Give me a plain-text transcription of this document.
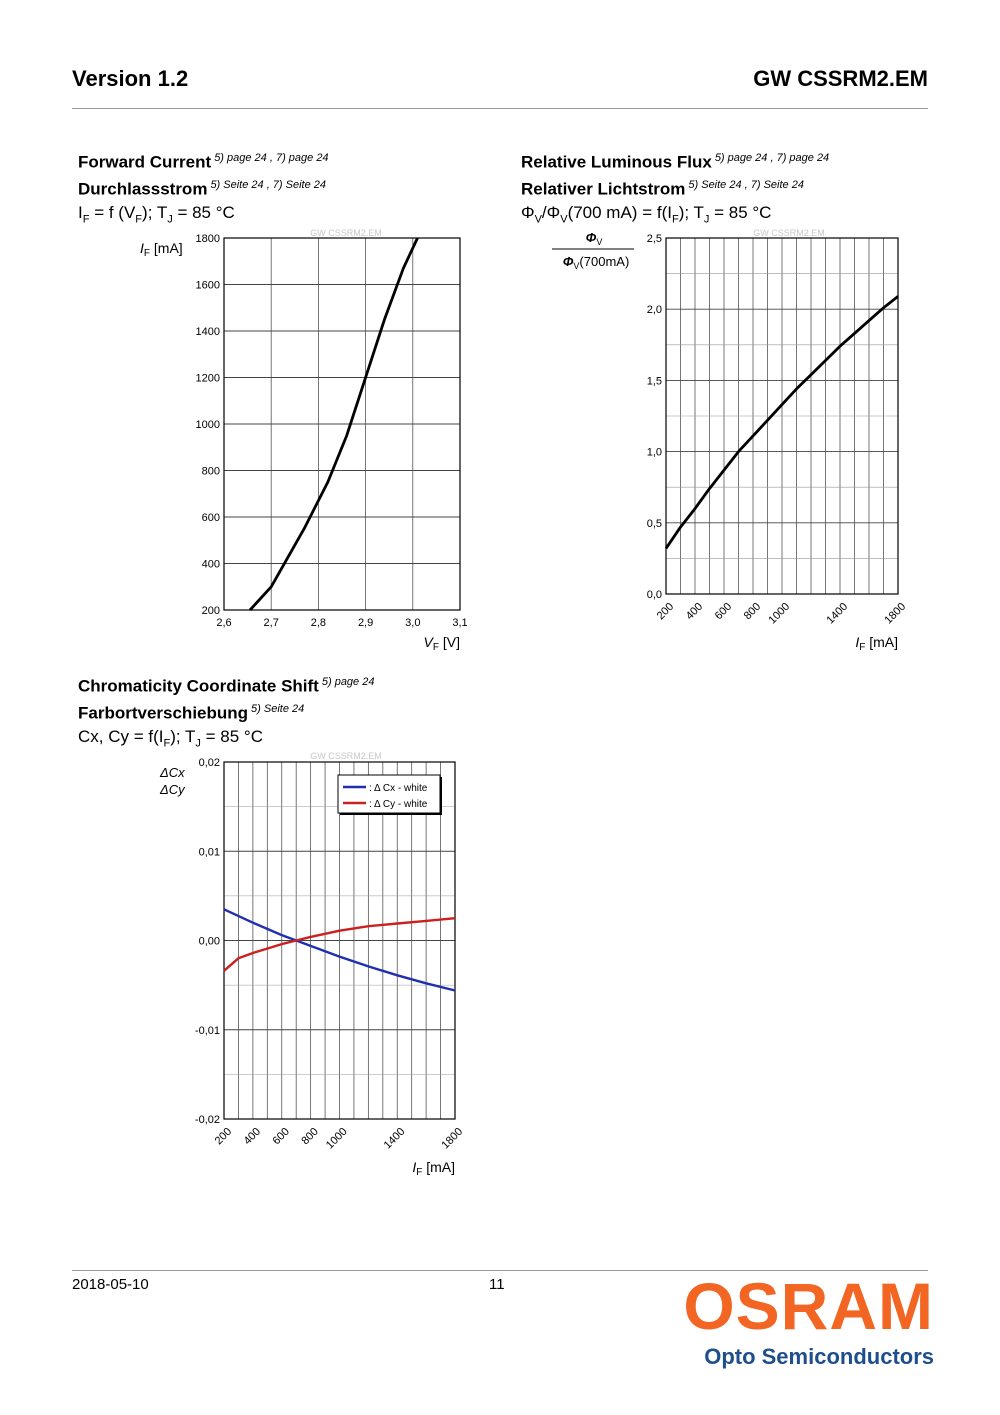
Version 1.2	GW CSSRM2.EM
Forward Current $^{5) page 24 , 7) page 24}$
Durchlassstrom $^{5) Seite 24 , 7) Seite 24}$
$I_F = f$ $(V_F)$; $T_J = 85$ °C
Relative Luminous Flux $^{5) page 24 , 7) page 24}$
Relativer Lichtstrom $^{5) Seite 24 , 7) Seite 24}$
$\Phi_V/\Phi_V(700$ $mA) = f(I_F)$; $T_J = 85$ °C
Chromaticity Coordinate Shift $^{5) page 24}$
Farbortverschiebung $^{5) Seite 24}$
Cx, $Cy = f(I_F)$; $T_J = 85$ °C
GW CSSRM2.EM
200
400
600
800
1000
1200
1400
1600
1800
2,6	2,7	2,8	2,9	3,0	3,1
$I_F$ [mA]
$V_F$ [V]
GW CSSRM2.EM
0,0
0,5
1,0
1,5
2,0
2,5
200 400 600 800 1000	1400	1800
$\Phi_V$
$\Phi_V(700mA)$
$I_F$ [mA]
GW CSSRM2.EM
-0,02
-0,01
0,00
0,01
0,02
200 400 600 800 1000	1400	1800
: Δ Cx - white
: Δ Cy - white
ΔCx
ΔCy
$I_F$ [mA]
2018-05-10	11	OSRAM
Opto Semiconductors
